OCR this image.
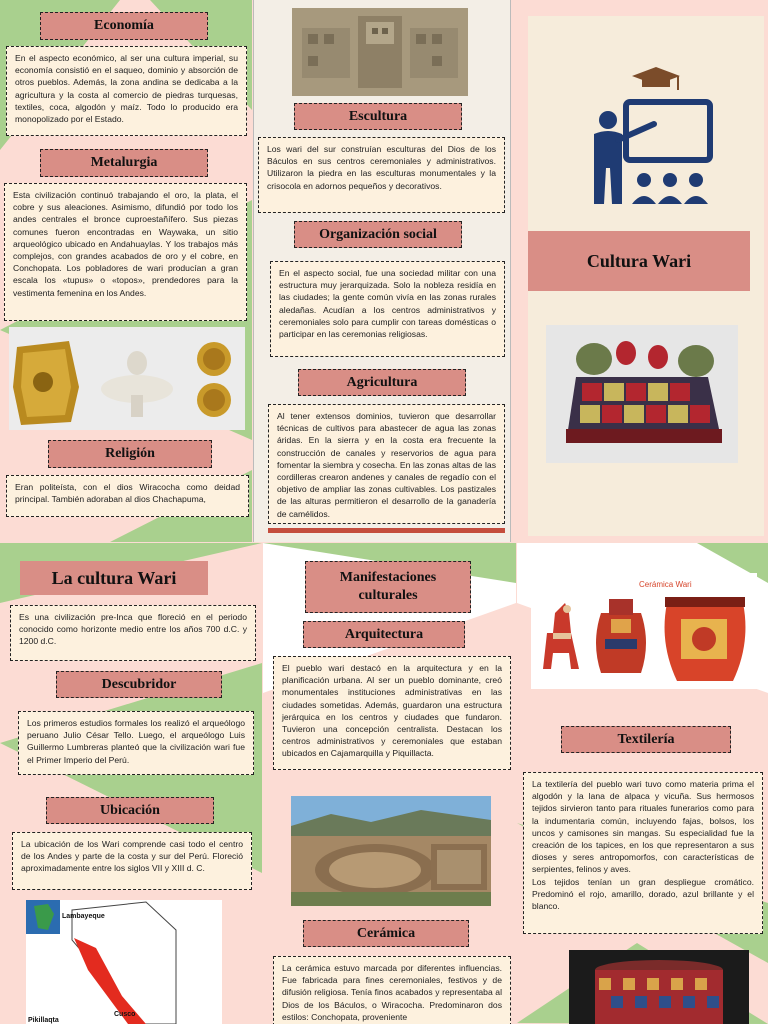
Economía
En el aspecto económico, al ser una cultura imperial, su economía consistió en el saqueo, dominio y absorción de otros pueblos. Además, la zona andina se dedicaba a la agricultura y la costa al comercio de piedras turquesas, textiles, coca, algodón y maíz. Todo lo producido era monopolizado por el Estado.
Metalurgia
Esta civilización continuó trabajando el oro, la plata, el cobre y sus aleaciones. Asimismo, difundió por todo los andes centrales el bronce cuproestañífero. Sus piezas comunes fueron encontradas en Waywaka, un sitio arqueológico ubicado en Andahuaylas. Y los trabajos más complejos, con grandes acabados de oro y el cobre, en Conchopata. Los pobladores de wari producían a gran escala los «tupus» o «topos», prendedores para la vestimenta femenina en los Andes.
Religión
Eran politeísta, con el dios Wiracocha como deidad principal. También adoraban al dios Chachapuma,
Escultura
Los wari del sur construían esculturas del Dios de los Báculos en sus centros ceremoniales y administrativos. Utilizaron la piedra en las esculturas monumentales y la crisocola en adornos pequeños y decorativos.
Organización social
En el aspecto social, fue una sociedad militar con una estructura muy jerarquizada. Solo la nobleza residía en las ciudades; la gente común vivía en las zonas rurales aledañas. Acudían a los centros administrativos y ceremoniales solo para cumplir con tareas domésticas o participar en las ceremonias religiosas.
Agricultura
Al tener extensos dominios, tuvieron que desarrollar técnicas de cultivos para abastecer de agua las zonas áridas. En la sierra y en la costa era frecuente la construcción de canales y reservorios de agua para fomentar la siembra y cosecha. En las zonas altas de las cordilleras crearon andenes y canales de regadío con el objetivo de ampliar las zonas cultivables. Los pastizales de las alturas permitieron el desarrollo de la ganadería de camélidos.
Cultura Wari
La cultura Wari
Es una civilización pre-Inca que floreció en el periodo conocido como horizonte medio entre los años 700 d.C. y 1200 d.C.
Descubridor
Los primeros estudios formales los realizó el arqueólogo peruano Julio César Tello. Luego, el arqueólogo Luis Guillermo Lumbreras planteó que la civilización wari fue el Primer Imperio del Perú.
Ubicación
La ubicación de los Wari comprende casi todo el centro de los Andes y parte de la costa y sur del Perú. Floreció aproximadamente entre los siglos VII y XIII d. C.
Lambayeque
Pikillaqta
Cusco
Manifestaciones culturales
Arquitectura
El pueblo wari destacó en la arquitectura y en la planificación urbana. Al ser un pueblo dominante, creó monumentales instituciones administrativas en las ciudades sometidas. Además, guardaron una estructura jerárquica en los centros y ciudades que fundaron. Tuvieron una concepción centralista. Destacan los centros administrativos y ceremoniales que estaban ubicados en Cajamarquilla y Piquillacta.
Cerámica
La cerámica estuvo marcada por diferentes influencias. Fue fabricada para fines ceremoniales, festivos y de difusión religiosa. Tenía finos acabados y representaba al Dios de los Báculos, o Wiracocha. Predominaron dos estilos: Conchopata, proveniente
Cerámica Wari
Textilería
La textilería del pueblo wari tuvo como materia prima el algodón y la lana de alpaca y vicuña. Sus hermosos tejidos sirvieron tanto para rituales funerarios como para la indumentaria común, incluyendo fajas, bolsos, los uncos y camisones sin mangas. Su especialidad fue la creación de los tapices, en los que representaron a sus dioses y seres antropomorfos, con características de serpientes, felinos y aves.
Los tejidos tenían un gran despliegue cromático. Predominó el rojo, amarillo, dorado, azul brillante y el blanco.
